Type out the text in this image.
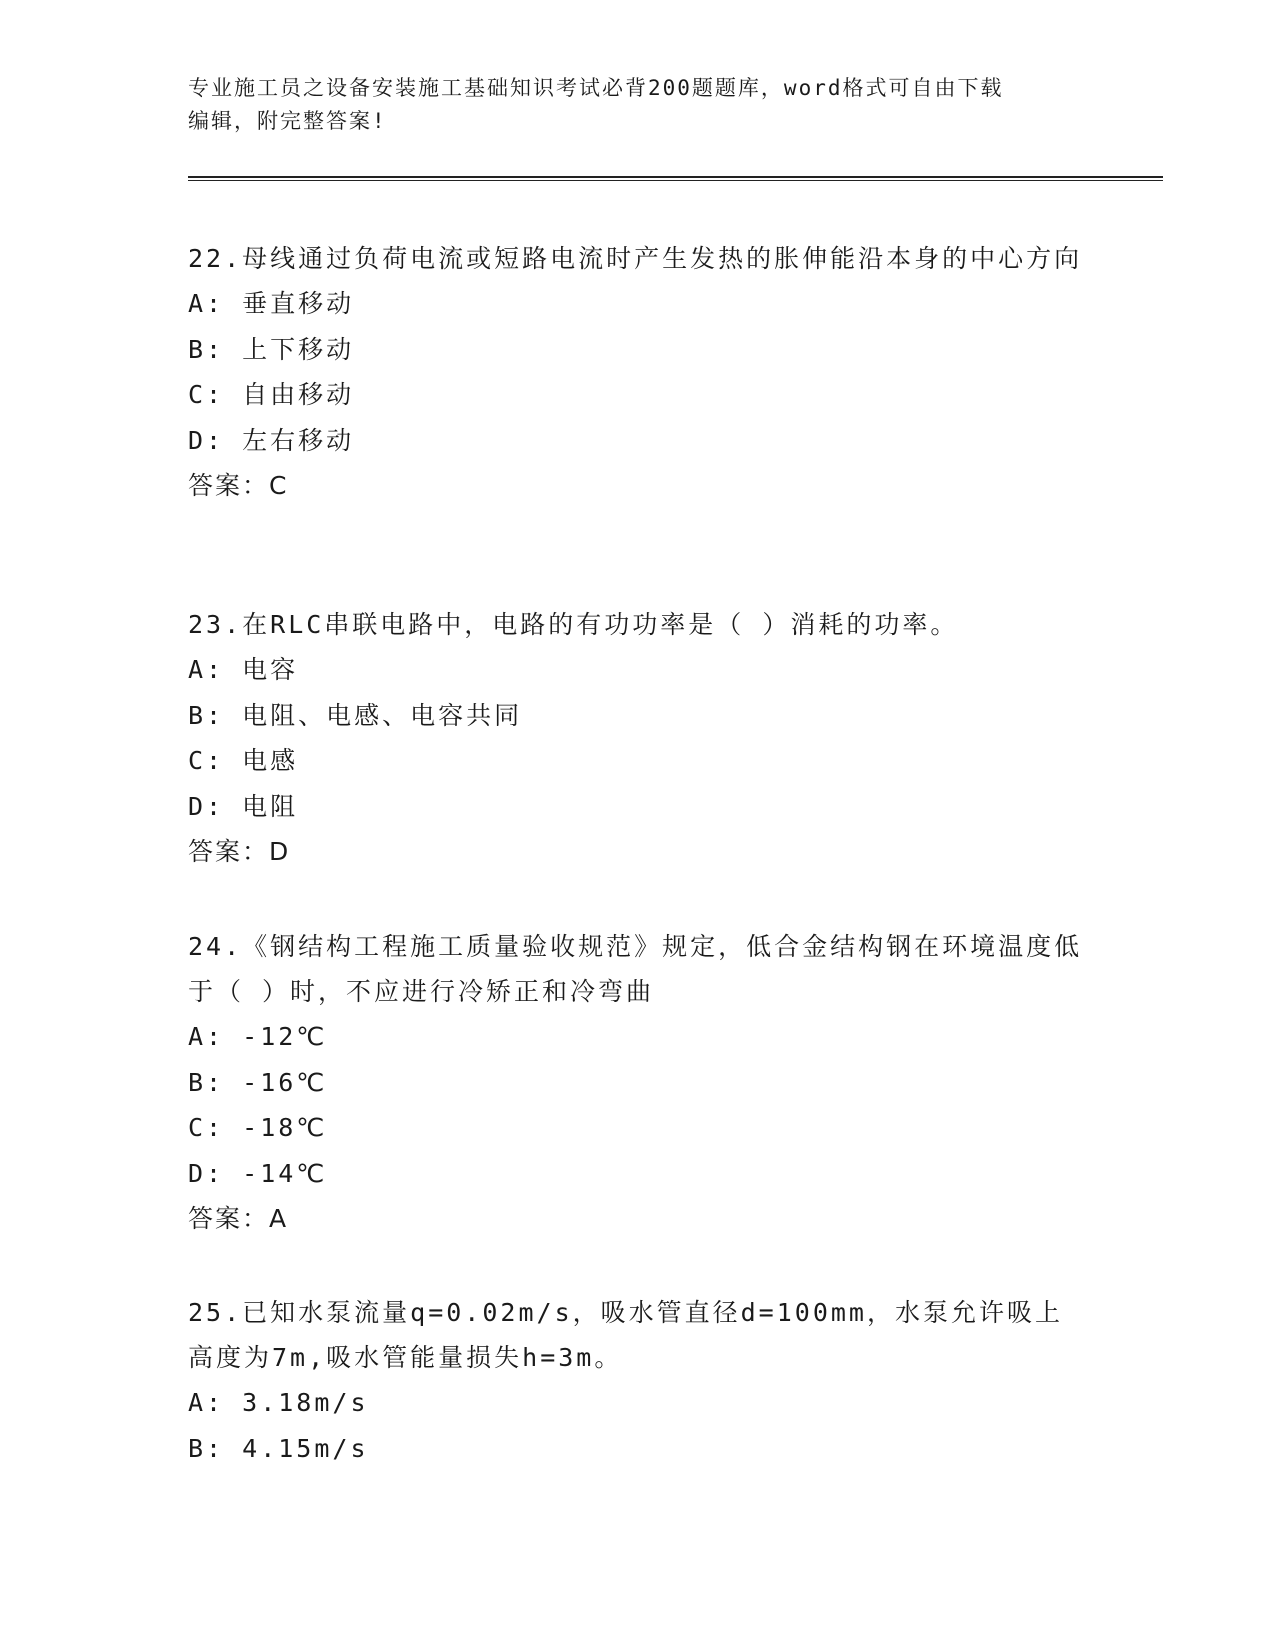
专业施工员之设备安装施工基础知识考试必背200题题库，word格式可自由下载
编辑，附完整答案!

22.母线通过负荷电流或短路电流时产生发热的胀伸能沿本身的中心方向

A: 垂直移动

B: 上下移动

C: 自由移动

D: 左右移动

答案：C

23.在RLC串联电路中，电路的有功功率是（ ）消耗的功率。

A: 电容

B: 电阻、电感、电容共同

C: 电感

D: 电阻

答案：D

24.《钢结构工程施工质量验收规范》规定，低合金结构钢在环境温度低于（ ）时，不应进行冷矫正和冷弯曲

A: -12℃

B: -16℃

C: -18℃

D: -14℃

答案：A

25.已知水泵流量q=0.02m/s，吸水管直径d=100mm，水泵允许吸上高度为7m,吸水管能量损失h=3m。

A: 3.18m/s

B: 4.15m/s
